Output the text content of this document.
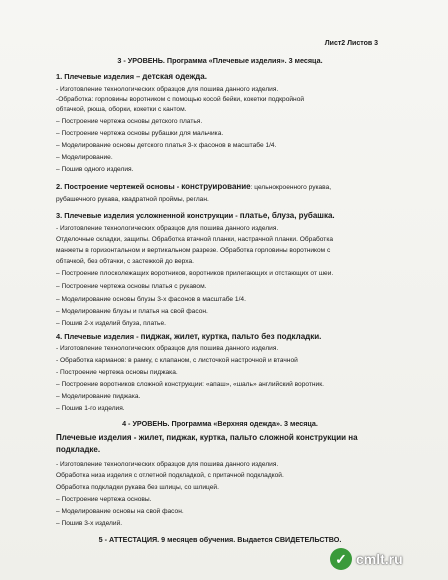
Лист2 Листов 3
3 - УРОВЕНЬ. Программа «Плечевые изделия». 3 месяца.
1. Плечевые изделия – детская одежда.
- Изготовление технологических образцов для пошива данного изделия.
-Обработка: горловины воротником с помощью косой бейки, кокетки подкройной
обтачкой, рюша, оборки, кокетки с кантом.
– Построение чертежа основы детского платья.
– Построение чертежа основы рубашки для мальчика.
– Моделирование основы детского платья 3-х фасонов в масштабе 1/4.
– Моделирование.
– Пошив одного изделия.
2. Построение чертежей основы - конструирование: цельнокроенного рукава,
рубашечного рукава, квадратной проймы, реглан.
3. Плечевые изделия усложненной конструкции - платье, блуза, рубашка.
- Изготовление технологических образцов для пошива данного изделия.
Отделочные складки, защипы. Обработка втачной планки, настрачной планки. Обработка
манжеты в горизонтальном и вертикальном разрезе. Обработка горловины воротником с
обтачкой, без обтачки, с застежкой до верха.
– Построение плосколежащих воротников, воротников прилегающих и отстающих от шеи.
– Построение чертежа основы платья с рукавом.
– Моделирование основы блузы 3-х фасонов в масштабе 1/4.
– Моделирование блузы и платья на свой фасон.
– Пошив 2-х изделий блуза, платье.
4. Плечевые изделия - пиджак, жилет, куртка, пальто без подкладки.
- Изготовление технологических образцов для пошива данного изделия.
- Обработка карманов: в рамку, с клапаном, с листочкой настрочной и втачной
- Построение чертежа основы пиджака.
– Построение воротников сложной конструкции: «апаш», «шаль» английский воротник.
– Моделирование пиджака.
– Пошив 1-го изделия.
4 - УРОВЕНЬ. Программа «Верхняя одежда». 3 месяца.
Плечевые изделия - жилет, пиджак, куртка, пальто сложной конструкции на
подкладке.
- Изготовление технологических образцов для пошива данного изделия.
Обработка низа изделия с отлетной подкладкой, с притачной подкладкой.
Обработка подкладки рукава без шлицы, со шлицей.
– Построение чертежа основы.
– Моделирование основы на свой фасон.
– Пошив 3-х изделий.
5 - АТТЕСТАЦИЯ. 9 месяцев обучения. Выдается СВИДЕТЕЛЬСТВО.
✓ cmlt.ru
